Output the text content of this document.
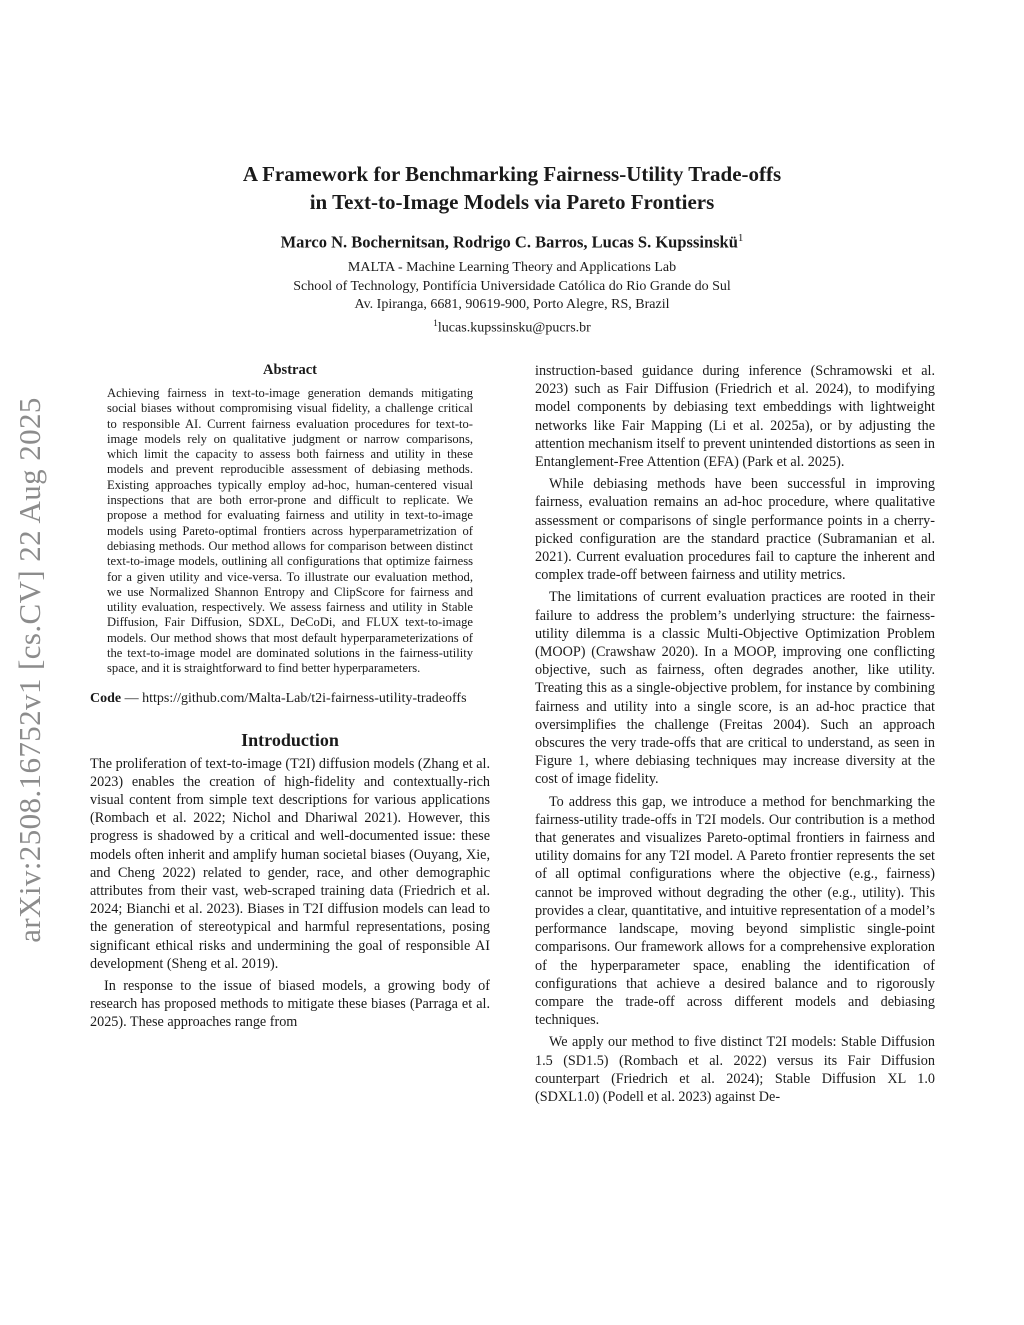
A Framework for Benchmarking Fairness-Utility Trade-offs
in Text-to-Image Models via Pareto Frontiers
Marco N. Bochernitsan, Rodrigo C. Barros, Lucas S. Kupssinskü$^1$
MALTA - Machine Learning Theory and Applications Lab
School of Technology, Pontifícia Universidade Católica do Rio Grande do Sul
Av. Ipiranga, 6681, 90619-900, Porto Alegre, RS, Brazil
$^1$lucas.kupssinsku@pucrs.br
arXiv:2508.16752v1 [cs.CV] 22 Aug 2025
Abstract
Achieving fairness in text-to-image generation demands mitigating social biases without compromising visual fidelity, a challenge critical to responsible AI. Current fairness evaluation procedures for text-to-image models rely on qualitative judgment or narrow comparisons, which limit the capacity to assess both fairness and utility in these models and prevent reproducible assessment of debiasing methods. Existing approaches typically employ ad-hoc, human-centered visual inspections that are both error-prone and difficult to replicate. We propose a method for evaluating fairness and utility in text-to-image models using Pareto-optimal frontiers across hyperparametrization of debiasing methods. Our method allows for comparison between distinct text-to-image models, outlining all configurations that optimize fairness for a given utility and vice-versa. To illustrate our evaluation method, we use Normalized Shannon Entropy and ClipScore for fairness and utility evaluation, respectively. We assess fairness and utility in Stable Diffusion, Fair Diffusion, SDXL, DeCoDi, and FLUX text-to-image models. Our method shows that most default hyperparameterizations of the text-to-image model are dominated solutions in the fairness-utility space, and it is straightforward to find better hyperparameters.
Code — https://github.com/Malta-Lab/t2i-fairness-utility-tradeoffs
Introduction

The proliferation of text-to-image (T2I) diffusion models (Zhang et al. 2023) enables the creation of high-fidelity and contextually-rich visual content from simple text descriptions for various applications (Rombach et al. 2022; Nichol and Dhariwal 2021). However, this progress is shadowed by a critical and well-documented issue: these models often inherit and amplify human societal biases (Ouyang, Xie, and Cheng 2022) related to gender, race, and other demographic attributes from their vast, web-scraped training data (Friedrich et al. 2024; Bianchi et al. 2023). Biases in T2I diffusion models can lead to the generation of stereotypical and harmful representations, posing significant ethical risks and undermining the goal of responsible AI development (Sheng et al. 2019).

In response to the issue of biased models, a growing body of research has proposed methods to mitigate these biases (Parraga et al. 2025). These approaches range from

instruction-based guidance during inference (Schramowski et al. 2023) such as Fair Diffusion (Friedrich et al. 2024), to modifying model components by debiasing text embeddings with lightweight networks like Fair Mapping (Li et al. 2025a), or by adjusting the attention mechanism itself to prevent unintended distortions as seen in Entanglement-Free Attention (EFA) (Park et al. 2025).

While debiasing methods have been successful in improving fairness, evaluation remains an ad-hoc procedure, where qualitative assessment or comparisons of single performance points in a cherry-picked configuration are the standard practice (Subramanian et al. 2021). Current evaluation procedures fail to capture the inherent and complex trade-off between fairness and utility metrics.

The limitations of current evaluation practices are rooted in their failure to address the problem’s underlying structure: the fairness-utility dilemma is a classic Multi-Objective Optimization Problem (MOOP) (Crawshaw 2020). In a MOOP, improving one conflicting objective, such as fairness, often degrades another, like utility. Treating this as a single-objective problem, for instance by combining fairness and utility into a single score, is an ad-hoc practice that oversimplifies the challenge (Freitas 2004). Such an approach obscures the very trade-offs that are critical to understand, as seen in Figure 1, where debiasing techniques may increase diversity at the cost of image fidelity.

To address this gap, we introduce a method for benchmarking the fairness-utility trade-offs in T2I models. Our contribution is a method that generates and visualizes Pareto-optimal frontiers in fairness and utility domains for any T2I model. A Pareto frontier represents the set of all optimal configurations where the objective (e.g., fairness) cannot be improved without degrading the other (e.g., utility). This provides a clear, quantitative, and intuitive representation of a model’s performance landscape, moving beyond simplistic single-point comparisons. Our framework allows for a comprehensive exploration of the hyperparameter space, enabling the identification of configurations that achieve a desired balance and to rigorously compare the trade-off across different models and debiasing techniques.

We apply our method to five distinct T2I models: Stable Diffusion 1.5 (SD1.5) (Rombach et al. 2022) versus its Fair Diffusion counterpart (Friedrich et al. 2024); Stable Diffusion XL 1.0 (SDXL1.0) (Podell et al. 2023) against De-
